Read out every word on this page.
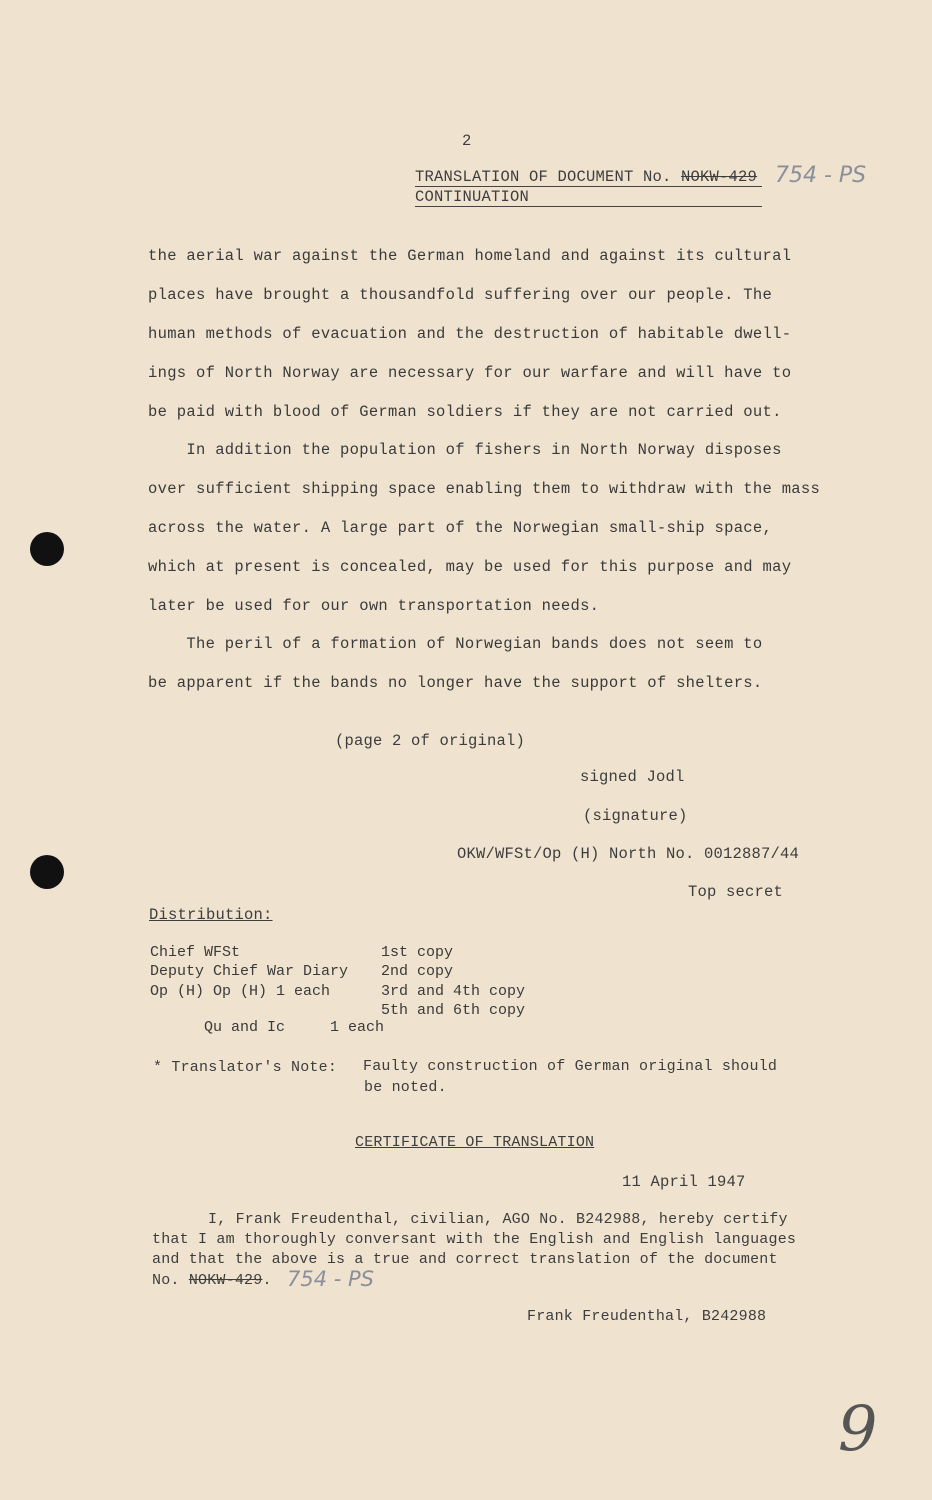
2
TRANSLATION OF DOCUMENT No. NOKW-429
CONTINUATION
754 - PS
the aerial war against the German homeland and against its cultural
places have brought a thousandfold suffering over our people. The
human methods of evacuation and the destruction of habitable dwell-
ings of North Norway are necessary for our warfare and will have to
be paid with blood of German soldiers if they are not carried out.
In addition the population of fishers in North Norway disposes
over sufficient shipping space enabling them to withdraw with the mass
across the water. A large part of the Norwegian small-ship space,
which at present is concealed, may be used for this purpose and may
later be used for our own transportation needs.
The peril of a formation of Norwegian bands does not seem to
be apparent if the bands no longer have the support of shelters.
(page 2 of original)
signed Jodl
(signature)
OKW/WFSt/Op (H) North No. 0012887/44
Top secret
Distribution:
Chief WFSt	1st copy
Deputy Chief War Diary 2nd copy
Op (H) Op (H) 1 each	3rd and 4th copy

Qu and Ic     1 each

5th and 6th copy
* Translator's Note: Faulty construction of German original should
be noted.
CERTIFICATE OF TRANSLATION
11 April 1947
I, Frank Freudenthal, civilian, AGO No. B242988, hereby certify
that I am thoroughly conversant with the English and English languages
and that the above is a true and correct translation of the document
No. NOKW-429. 754 - PS
Frank Freudenthal, B242988
9
